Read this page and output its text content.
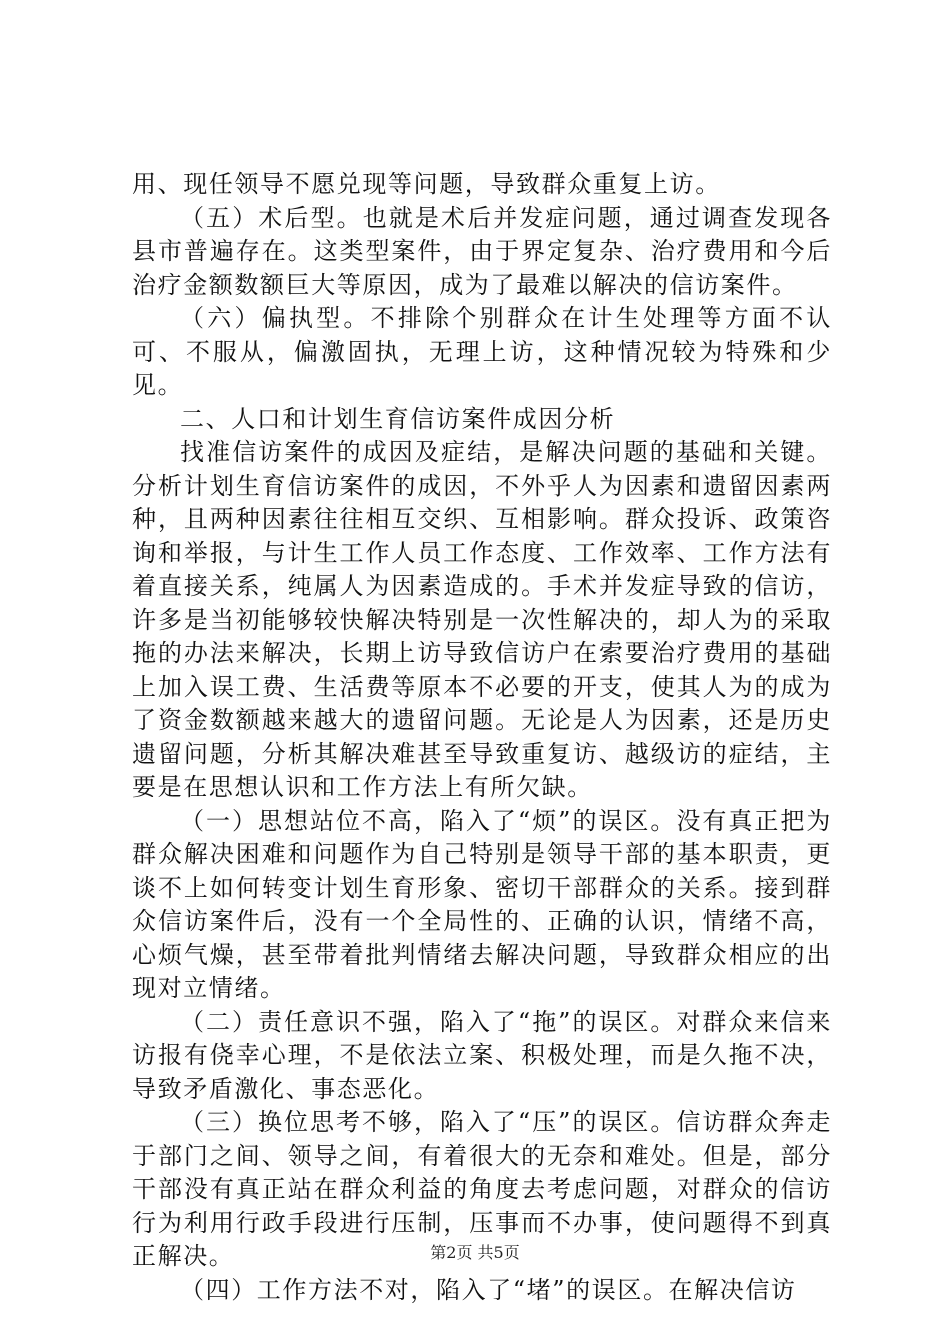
用、现任领导不愿兑现等问题，导致群众重复上访。

（五）术后型。也就是术后并发症问题，通过调查发现各县市普遍存在。这类型案件，由于界定复杂、治疗费用和今后治疗金额数额巨大等原因，成为了最难以解决的信访案件。

（六）偏执型。不排除个别群众在计生处理等方面不认可、不服从，偏激固执，无理上访，这种情况较为特殊和少见。

二、人口和计划生育信访案件成因分析

找准信访案件的成因及症结，是解决问题的基础和关键。分析计划生育信访案件的成因，不外乎人为因素和遗留因素两种，且两种因素往往相互交织、互相影响。群众投诉、政策咨询和举报，与计生工作人员工作态度、工作效率、工作方法有着直接关系，纯属人为因素造成的。手术并发症导致的信访，许多是当初能够较快解决特别是一次性解决的，却人为的采取拖的办法来解决，长期上访导致信访户在索要治疗费用的基础上加入误工费、生活费等原本不必要的开支，使其人为的成为了资金数额越来越大的遗留问题。无论是人为因素，还是历史遗留问题，分析其解决难甚至导致重复访、越级访的症结，主要是在思想认识和工作方法上有所欠缺。

（一）思想站位不高，陷入了“烦”的误区。没有真正把为群众解决困难和问题作为自己特别是领导干部的基本职责，更谈不上如何转变计划生育形象、密切干部群众的关系。接到群众信访案件后，没有一个全局性的、正确的认识，情绪不高，心烦气燥，甚至带着批判情绪去解决问题，导致群众相应的出现对立情绪。

（二）责任意识不强，陷入了“拖”的误区。对群众来信来访报有侥幸心理，不是依法立案、积极处理，而是久拖不决，导致矛盾激化、事态恶化。

（三）换位思考不够，陷入了“压”的误区。信访群众奔走于部门之间、领导之间，有着很大的无奈和难处。但是，部分干部没有真正站在群众利益的角度去考虑问题，对群众的信访行为利用行政手段进行压制，压事而不办事，使问题得不到真正解决。

（四）工作方法不对，陷入了“堵”的误区。在解决信访

第2页 共5页
